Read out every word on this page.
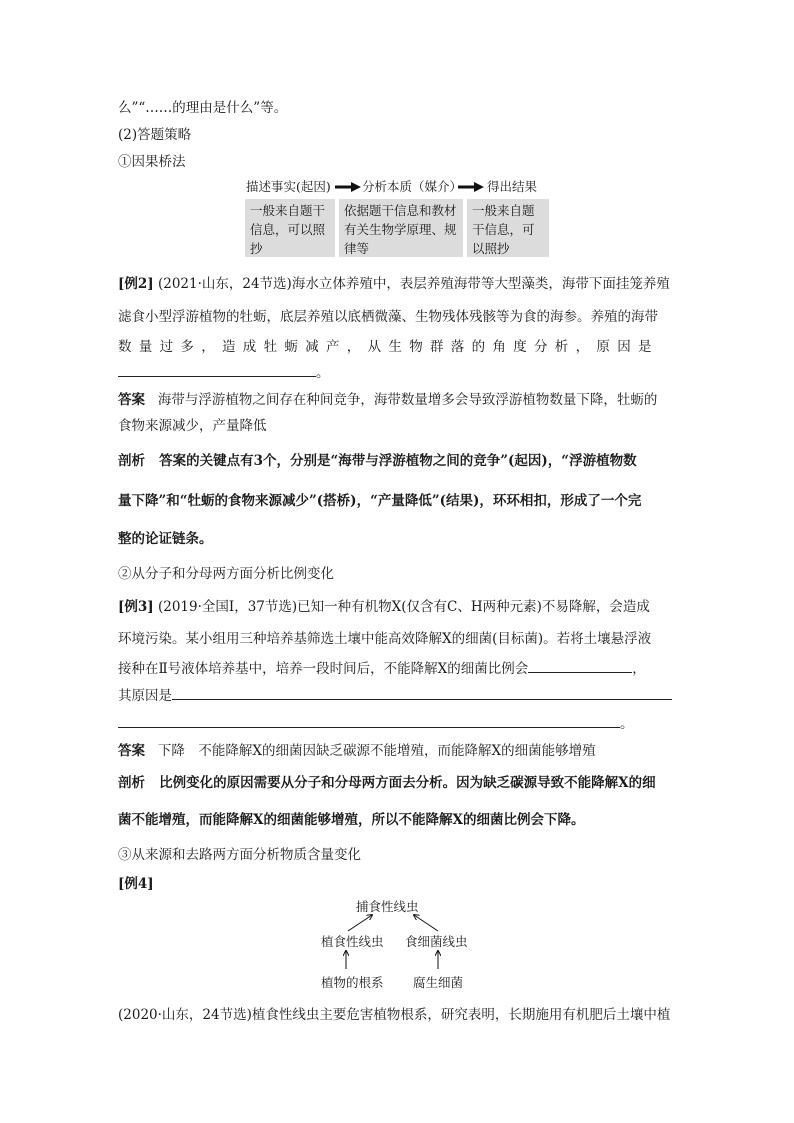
么”“……的理由是什么”等。
(2)答题策略
①因果桥法
描述事实(起因) 分析本质（媒介） 得出结果
一般来自题干信息，可以照抄
依据题干信息和教材有关生物学原理、规律等
一般来自题干信息，可以照抄
[例2] (2021·山东，24节选)海水立体养殖中，表层养殖海带等大型藻类，海带下面挂笼养殖
滤食小型浮游植物的牡蛎，底层养殖以底栖微藻、生物残体残骸等为食的海参。养殖的海带
数量过多，造成牡蛎减产，从生物群落的角度分析，原因是
。
答案 海带与浮游植物之间存在种间竞争，海带数量增多会导致浮游植物数量下降，牡蛎的
食物来源减少，产量降低
剖析 答案的关键点有3个，分别是“海带与浮游植物之间的竞争”(起因)，“浮游植物数
量下降”和“牡蛎的食物来源减少”(搭桥)，“产量降低”(结果)，环环相扣，形成了一个完
整的论证链条。
②从分子和分母两方面分析比例变化
[例3] (2019·全国Ⅰ，37节选)已知一种有机物X(仅含有C、H两种元素)不易降解，会造成
环境污染。某小组用三种培养基筛选土壤中能高效降解X的细菌(目标菌)。若将土壤悬浮液
接种在Ⅱ号液体培养基中，培养一段时间后，不能降解X的细菌比例会	，
其原因是
。
答案 下降　不能降解X的细菌因缺乏碳源不能增殖，而能降解X的细菌能够增殖
剖析 比例变化的原因需要从分子和分母两方面去分析。因为缺乏碳源导致不能降解X的细
菌不能增殖，而能降解X的细菌能够增殖，所以不能降解X的细菌比例会下降。
③从来源和去路两方面分析物质含量变化
[例4]
捕食性线虫
植食性线虫 食细菌线虫
植物的根系 腐生细菌
(2020·山东，24节选)植食性线虫主要危害植物根系，研究表明，长期施用有机肥后土壤中植
